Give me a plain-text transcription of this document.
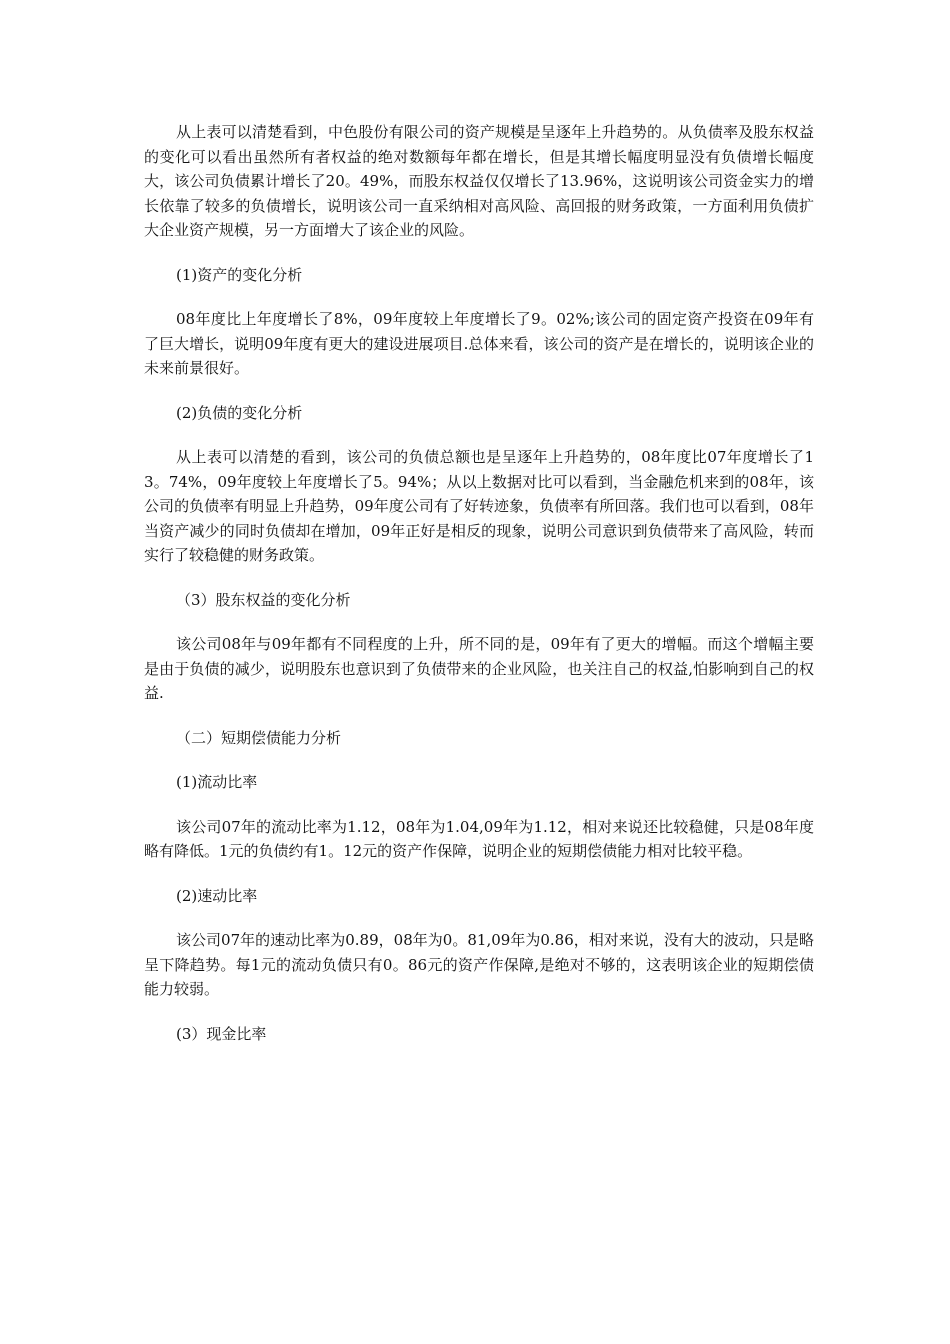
从上表可以清楚看到，中色股份有限公司的资产规模是呈逐年上升趋势的。从负债率及股东权益的变化可以看出虽然所有者权益的绝对数额每年都在增长，但是其增长幅度明显没有负债增长幅度大，该公司负债累计增长了20。49%，而股东权益仅仅增长了13.96%，这说明该公司资金实力的增长依靠了较多的负债增长，说明该公司一直采纳相对高风险、高回报的财务政策，一方面利用负债扩大企业资产规模，另一方面增大了该企业的风险。

(1)资产的变化分析

08年度比上年度增长了8%，09年度较上年度增长了9。02%;该公司的固定资产投资在09年有了巨大增长，说明09年度有更大的建设进展项目.总体来看，该公司的资产是在增长的，说明该企业的未来前景很好。

(2)负债的变化分析

从上表可以清楚的看到，该公司的负债总额也是呈逐年上升趋势的，08年度比07年度增长了13。74%，09年度较上年度增长了5。94%；从以上数据对比可以看到，当金融危机来到的08年，该公司的负债率有明显上升趋势，09年度公司有了好转迹象，负债率有所回落。我们也可以看到，08年当资产减少的同时负债却在增加，09年正好是相反的现象，说明公司意识到负债带来了高风险，转而实行了较稳健的财务政策。

（3）股东权益的变化分析

该公司08年与09年都有不同程度的上升，所不同的是，09年有了更大的增幅。而这个增幅主要是由于负债的减少，说明股东也意识到了负债带来的企业风险，也关注自己的权益,怕影响到自己的权益.

（二）短期偿债能力分析

(1)流动比率

该公司07年的流动比率为1.12，08年为1.04,09年为1.12，相对来说还比较稳健，只是08年度略有降低。1元的负债约有1。12元的资产作保障，说明企业的短期偿债能力相对比较平稳。

(2)速动比率

该公司07年的速动比率为0.89，08年为0。81,09年为0.86，相对来说，没有大的波动，只是略呈下降趋势。每1元的流动负债只有0。86元的资产作保障,是绝对不够的，这表明该企业的短期偿债能力较弱。

(3）现金比率
